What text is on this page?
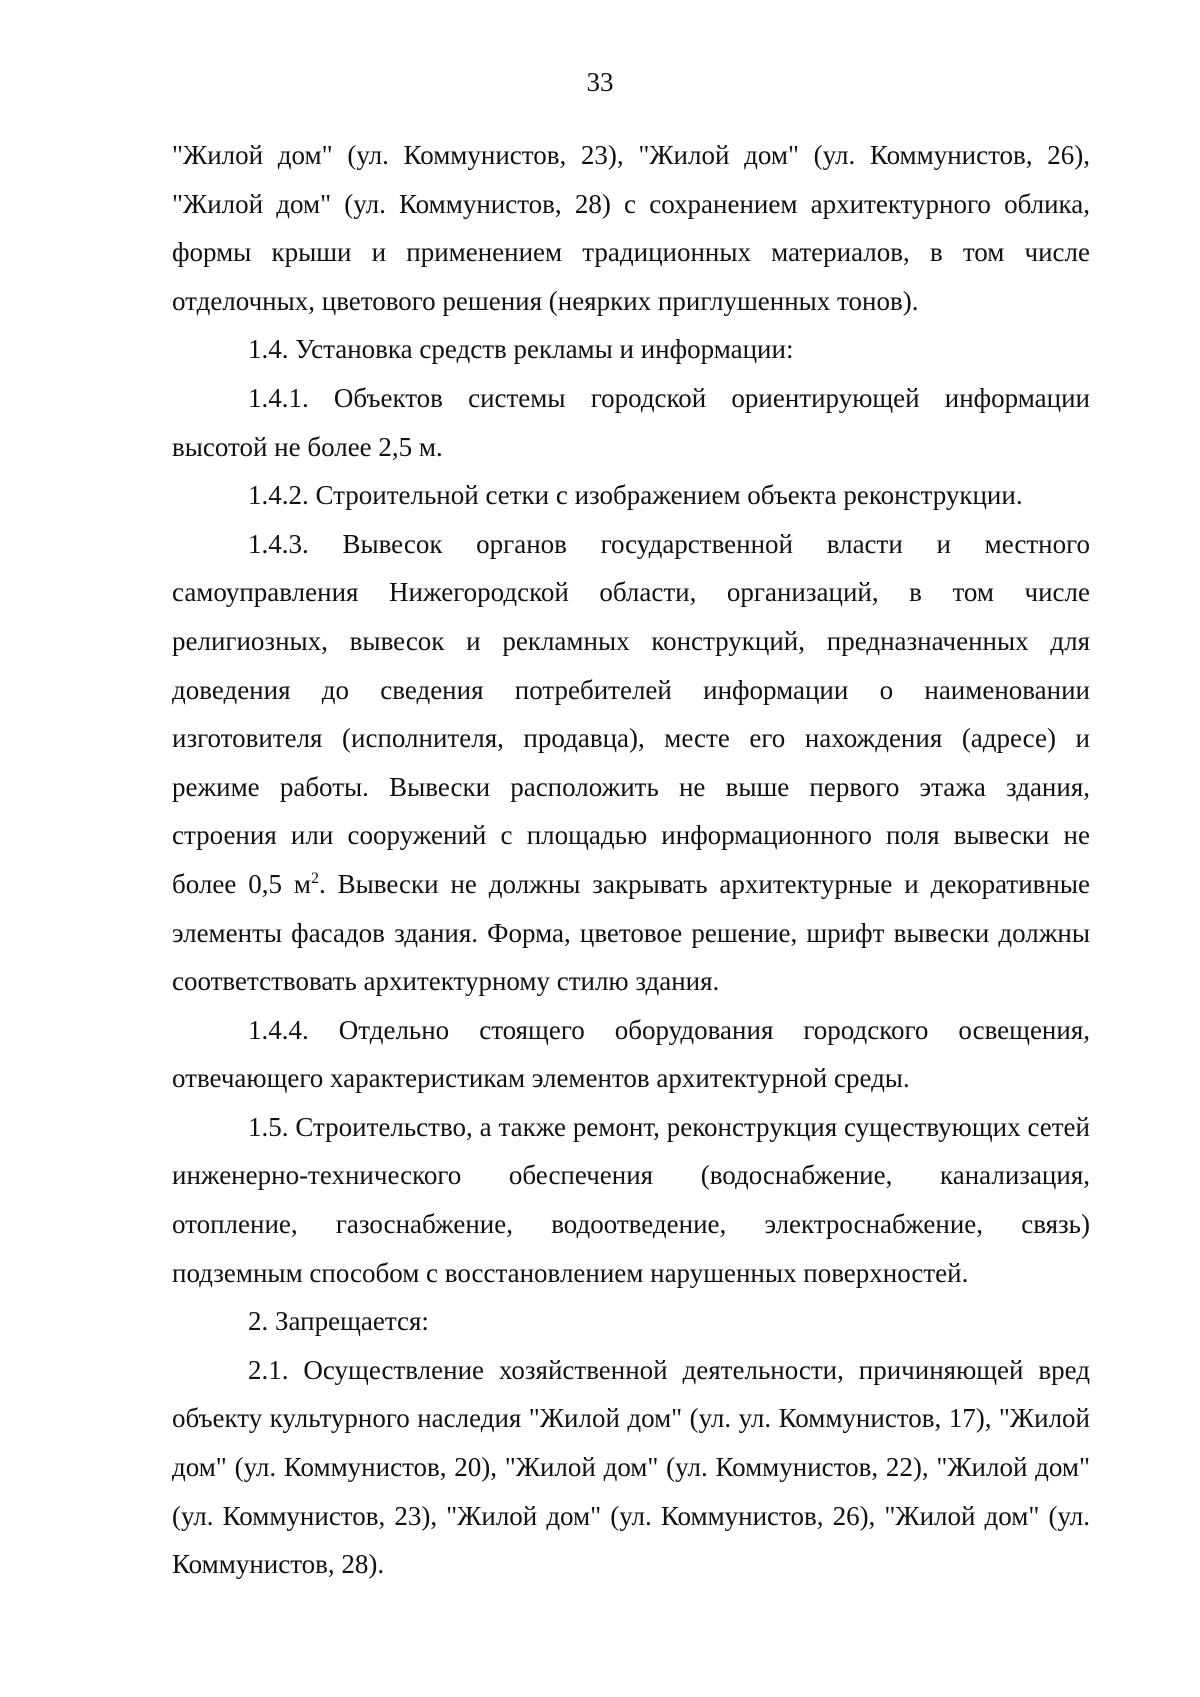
33

"Жилой дом" (ул. Коммунистов, 23), "Жилой дом" (ул. Коммунистов, 26), "Жилой дом" (ул. Коммунистов, 28) с сохранением архитектурного облика, формы крыши и применением традиционных материалов, в том числе отделочных, цветового решения (неярких приглушенных тонов).

1.4. Установка средств рекламы и информации:

1.4.1. Объектов системы городской ориентирующей информации высотой не более 2,5 м.

1.4.2. Строительной сетки с изображением объекта реконструкции.

1.4.3. Вывесок органов государственной власти и местного самоуправления Нижегородской области, организаций, в том числе религиозных, вывесок и рекламных конструкций, предназначенных для доведения до сведения потребителей информации о наименовании изготовителя (исполнителя, продавца), месте его нахождения (адресе) и режиме работы. Вывески расположить не выше первого этажа здания, строения или сооружений с площадью информационного поля вывески не более 0,5 $м^2$. Вывески не должны закрывать архитектурные и декоративные элементы фасадов здания. Форма, цветовое решение, шрифт вывески должны соответствовать архитектурному стилю здания.

1.4.4. Отдельно стоящего оборудования городского освещения, отвечающего характеристикам элементов архитектурной среды.

1.5. Строительство, а также ремонт, реконструкция существующих сетей инженерно-технического обеспечения (водоснабжение, канализация, отопление, газоснабжение, водоотведение, электроснабжение, связь) подземным способом с восстановлением нарушенных поверхностей.

2. Запрещается:

2.1. Осуществление хозяйственной деятельности, причиняющей вред объекту культурного наследия "Жилой дом" (ул. ул. Коммунистов, 17), "Жилой дом" (ул. Коммунистов, 20), "Жилой дом" (ул. Коммунистов, 22), "Жилой дом" (ул. Коммунистов, 23), "Жилой дом" (ул. Коммунистов, 26), "Жилой дом" (ул. Коммунистов, 28).
